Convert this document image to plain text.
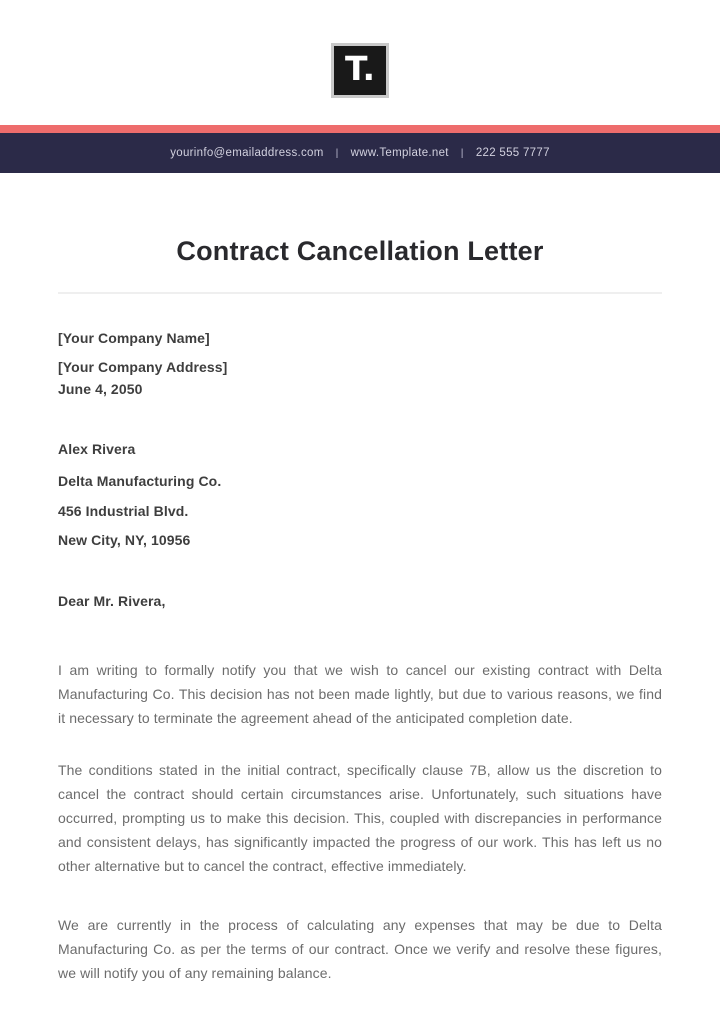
T.
yourinfo@emailaddress.com | www.Template.net | 222 555 7777
Contract Cancellation Letter

[Your Company Name]

[Your Company Address]

June 4, 2050

Alex Rivera

Delta Manufacturing Co.

456 Industrial Blvd.

New City, NY, 10956

Dear Mr. Rivera,

I am writing to formally notify you that we wish to cancel our existing contract with Delta Manufacturing Co. This decision has not been made lightly, but due to various reasons, we find it necessary to terminate the agreement ahead of the anticipated completion date.

The conditions stated in the initial contract, specifically clause 7B, allow us the discretion to cancel the contract should certain circumstances arise. Unfortunately, such situations have occurred, prompting us to make this decision. This, coupled with discrepancies in performance and consistent delays, has significantly impacted the progress of our work. This has left us no other alternative but to cancel the contract, effective immediately.

We are currently in the process of calculating any expenses that may be due to Delta Manufacturing Co. as per the terms of our contract. Once we verify and resolve these figures, we will notify you of any remaining balance.
